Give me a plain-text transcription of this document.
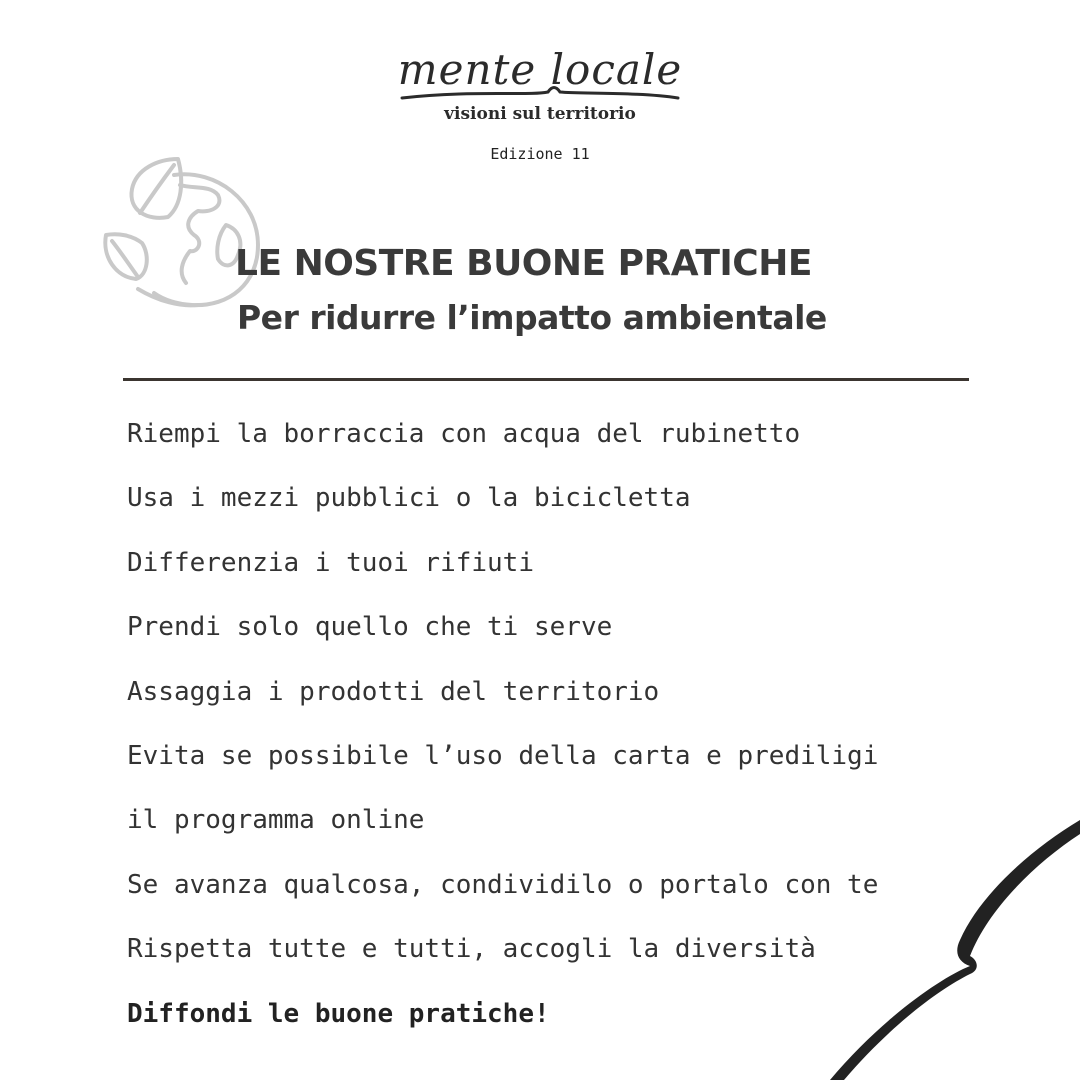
mente locale
visioni sul territorio
Edizione 11
LE NOSTRE BUONE PRATICHE
Per ridurre l’impatto ambientale
Riempi la borraccia con acqua del rubinetto
Usa i mezzi pubblici o la bicicletta
Differenzia i tuoi rifiuti
Prendi solo quello che ti serve
Assaggia i prodotti del territorio
Evita se possibile l’uso della carta e prediligi
il programma online
Se avanza qualcosa, condividilo o portalo con te
Rispetta tutte e tutti, accogli la diversità
Diffondi le buone pratiche!
